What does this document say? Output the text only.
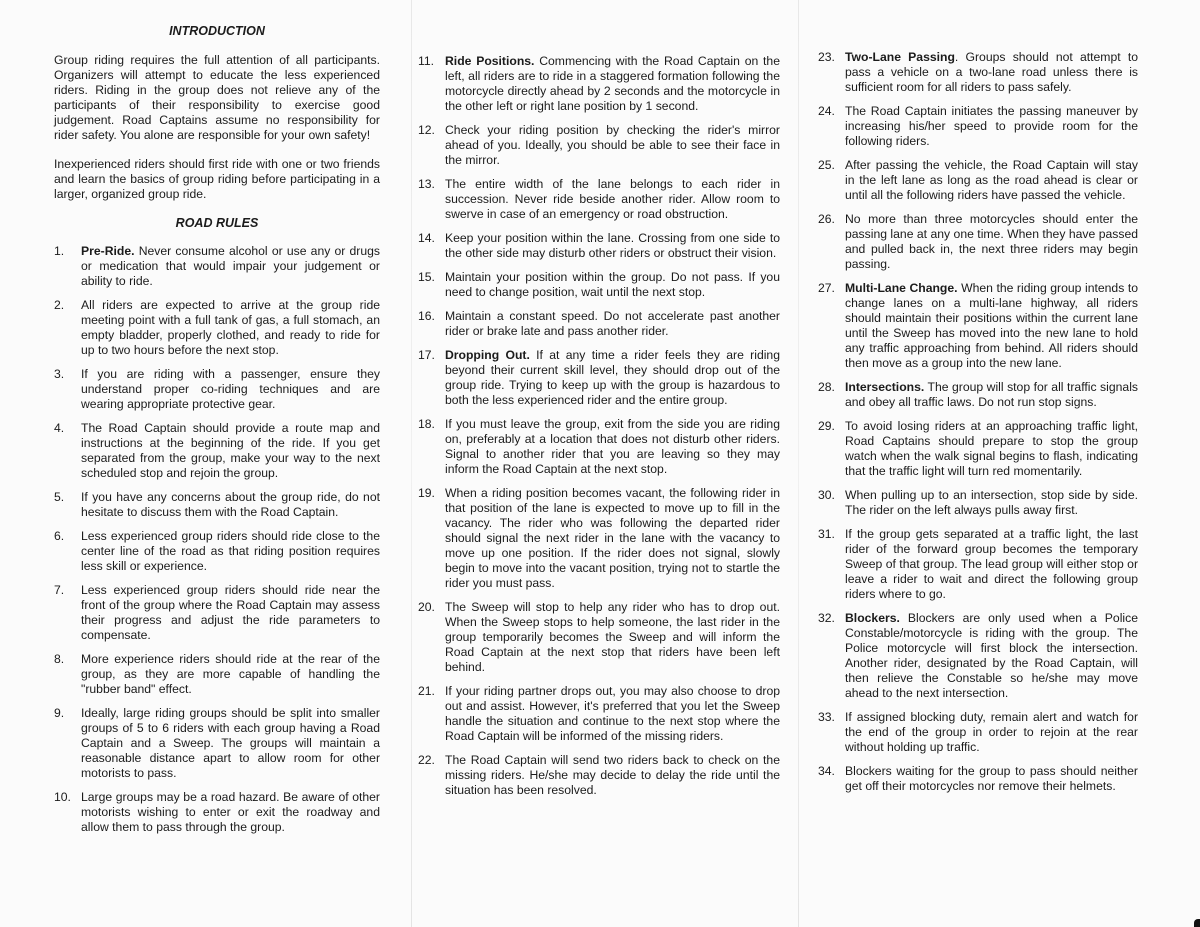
INTRODUCTION

Group riding requires the full attention of all participants. Organizers will attempt to educate the less experienced riders. Riding in the group does not relieve any of the participants of their responsibility to exercise good judgement. Road Captains assume no responsibility for rider safety. You alone are responsible for your own safety!

Inexperienced riders should first ride with one or two friends and learn the basics of group riding before participating in a larger, organized group ride.

ROAD RULES
1.	Pre-Ride. Never consume alcohol or use any or drugs or medication that would impair your judgement or ability to ride.
2.	All riders are expected to arrive at the group ride meeting point with a full tank of gas, a full stomach, an empty bladder, properly clothed, and ready to ride for up to two hours before the next stop.
3.	If you are riding with a passenger, ensure they understand proper co-riding techniques and are wearing appropriate protective gear.
4.	The Road Captain should provide a route map and instructions at the beginning of the ride. If you get separated from the group, make your way to the next scheduled stop and rejoin the group.
5.	If you have any concerns about the group ride, do not hesitate to discuss them with the Road Captain.
6.	Less experienced group riders should ride close to the center line of the road as that riding position requires less skill or experience.
7.	Less experienced group riders should ride near the front of the group where the Road Captain may assess their progress and adjust the ride parameters to compensate.
8.	More experience riders should ride at the rear of the group, as they are more capable of handling the "rubber band" effect.
9.	Ideally, large riding groups should be split into smaller groups of 5 to 6 riders with each group having a Road Captain and a Sweep. The groups will maintain a reasonable distance apart to allow room for other motorists to pass.
10. Large groups may be a road hazard. Be aware of other motorists wishing to enter or exit the roadway and allow them to pass through the group.
11. Ride Positions. Commencing with the Road Captain on the left, all riders are to ride in a staggered formation following the motorcycle directly ahead by 2 seconds and the motorcycle in the other left or right lane position by 1 second.
12. Check your riding position by checking the rider's mirror ahead of you. Ideally, you should be able to see their face in the mirror.
13. The entire width of the lane belongs to each rider in succession. Never ride beside another rider. Allow room to swerve in case of an emergency or road obstruction.
14. Keep your position within the lane. Crossing from one side to the other side may disturb other riders or obstruct their vision.
15. Maintain your position within the group. Do not pass. If you need to change position, wait until the next stop.
16. Maintain a constant speed. Do not accelerate past another rider or brake late and pass another rider.
17. Dropping Out. If at any time a rider feels they are riding beyond their current skill level, they should drop out of the group ride. Trying to keep up with the group is hazardous to both the less experienced rider and the entire group.
18. If you must leave the group, exit from the side you are riding on, preferably at a location that does not disturb other riders. Signal to another rider that you are leaving so they may inform the Road Captain at the next stop.
19. When a riding position becomes vacant, the following rider in that position of the lane is expected to move up to fill in the vacancy. The rider who was following the departed rider should signal the next rider in the lane with the vacancy to move up one position. If the rider does not signal, slowly begin to move into the vacant position, trying not to startle the rider you must pass.
20. The Sweep will stop to help any rider who has to drop out. When the Sweep stops to help someone, the last rider in the group temporarily becomes the Sweep and will inform the Road Captain at the next stop that riders have been left behind.
21. If your riding partner drops out, you may also choose to drop out and assist. However, it's preferred that you let the Sweep handle the situation and continue to the next stop where the Road Captain will be informed of the missing riders.
22. The Road Captain will send two riders back to check on the missing riders. He/she may decide to delay the ride until the situation has been resolved.
23. Two-Lane Passing. Groups should not attempt to pass a vehicle on a two-lane road unless there is sufficient room for all riders to pass safely.
24. The Road Captain initiates the passing maneuver by increasing his/her speed to provide room for the following riders.
25. After passing the vehicle, the Road Captain will stay in the left lane as long as the road ahead is clear or until all the following riders have passed the vehicle.
26. No more than three motorcycles should enter the passing lane at any one time. When they have passed and pulled back in, the next three riders may begin passing.
27. Multi-Lane Change. When the riding group intends to change lanes on a multi-lane highway, all riders should maintain their positions within the current lane until the Sweep has moved into the new lane to hold any traffic approaching from behind. All riders should then move as a group into the new lane.
28. Intersections. The group will stop for all traffic signals and obey all traffic laws. Do not run stop signs.
29. To avoid losing riders at an approaching traffic light, Road Captains should prepare to stop the group watch when the walk signal begins to flash, indicating that the traffic light will turn red momentarily.
30. When pulling up to an intersection, stop side by side. The rider on the left always pulls away first.
31. If the group gets separated at a traffic light, the last rider of the forward group becomes the temporary Sweep of that group. The lead group will either stop or leave a rider to wait and direct the following group riders where to go.
32. Blockers. Blockers are only used when a Police Constable/motorcycle is riding with the group. The Police motorcycle will first block the intersection. Another rider, designated by the Road Captain, will then relieve the Constable so he/she may move ahead to the next intersection.
33. If assigned blocking duty, remain alert and watch for the end of the group in order to rejoin at the rear without holding up traffic.
34. Blockers waiting for the group to pass should neither get off their motorcycles nor remove their helmets.
